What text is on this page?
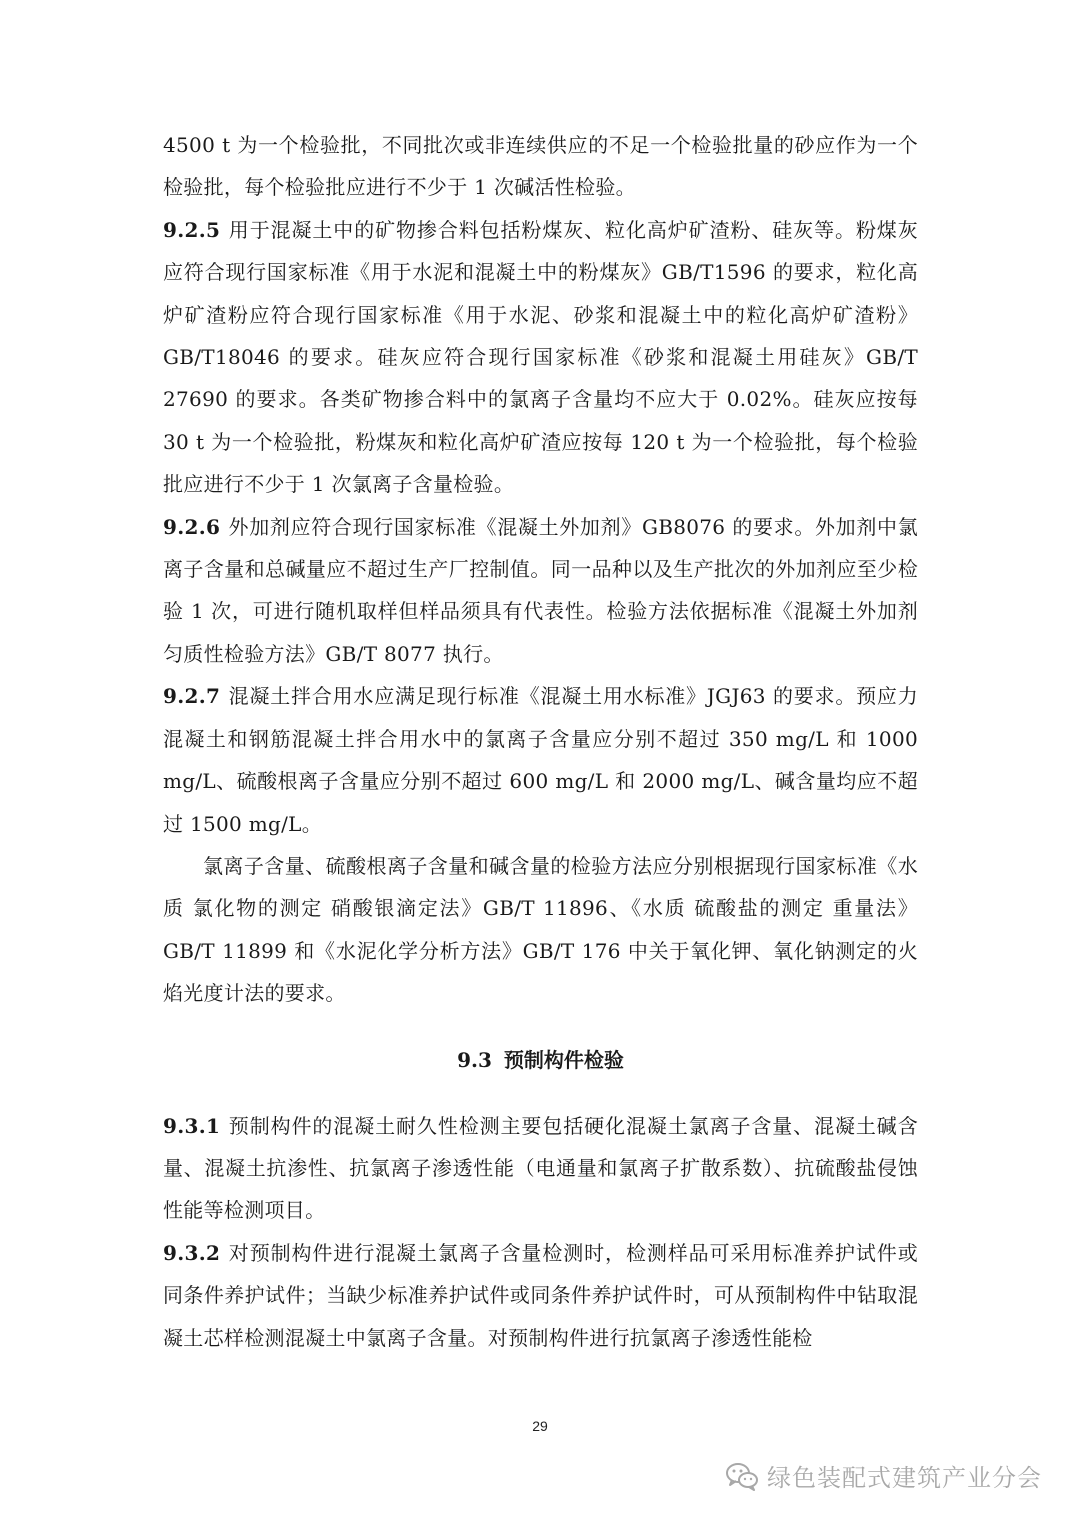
4500 t 为一个检验批，不同批次或非连续供应的不足一个检验批量的砂应作为一个检验批，每个检验批应进行不少于 1 次碱活性检验。

9.2.5 用于混凝土中的矿物掺合料包括粉煤灰、粒化高炉矿渣粉、硅灰等。粉煤灰应符合现行国家标准《用于水泥和混凝土中的粉煤灰》GB/T1596 的要求，粒化高炉矿渣粉应符合现行国家标准《用于水泥、砂浆和混凝土中的粒化高炉矿渣粉》GB/T18046 的要求。硅灰应符合现行国家标准《砂浆和混凝土用硅灰》GB/T 27690 的要求。各类矿物掺合料中的氯离子含量均不应大于 0.02%。硅灰应按每 30 t 为一个检验批，粉煤灰和粒化高炉矿渣应按每 120 t 为一个检验批，每个检验批应进行不少于 1 次氯离子含量检验。

9.2.6 外加剂应符合现行国家标准《混凝土外加剂》GB8076 的要求。外加剂中氯离子含量和总碱量应不超过生产厂控制值。同一品种以及生产批次的外加剂应至少检验 1 次，可进行随机取样但样品须具有代表性。检验方法依据标准《混凝土外加剂匀质性检验方法》GB/T 8077 执行。

9.2.7 混凝土拌合用水应满足现行标准《混凝土用水标准》JGJ63 的要求。预应力混凝土和钢筋混凝土拌合用水中的氯离子含量应分别不超过 350 mg/L 和 1000 mg/L、硫酸根离子含量应分别不超过 600 mg/L 和 2000 mg/L、碱含量均应不超过 1500 mg/L。

氯离子含量、硫酸根离子含量和碱含量的检验方法应分别根据现行国家标准《水质 氯化物的测定 硝酸银滴定法》GB/T 11896、《水质 硫酸盐的测定 重量法》GB/T 11899 和《水泥化学分析方法》GB/T 176 中关于氧化钾、氧化钠测定的火焰光度计法的要求。

9.3 预制构件检验

9.3.1 预制构件的混凝土耐久性检测主要包括硬化混凝土氯离子含量、混凝土碱含量、混凝土抗渗性、抗氯离子渗透性能（电通量和氯离子扩散系数）、抗硫酸盐侵蚀性能等检测项目。

9.3.2 对预制构件进行混凝土氯离子含量检测时，检测样品可采用标准养护试件或同条件养护试件；当缺少标准养护试件或同条件养护试件时，可从预制构件中钻取混凝土芯样检测混凝土中氯离子含量。对预制构件进行抗氯离子渗透性能检

29
绿色装配式建筑产业分会
